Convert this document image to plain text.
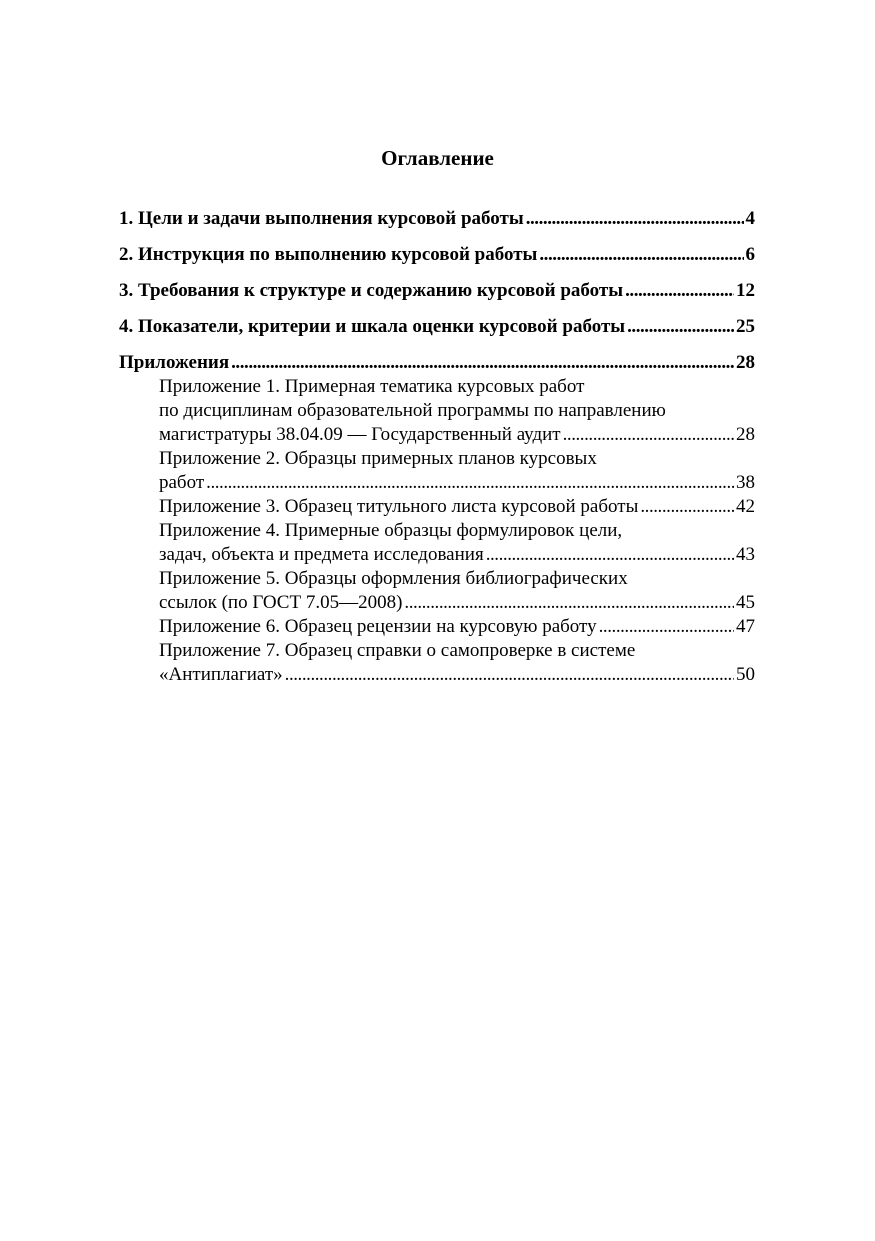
Оглавление
1. Цели и задачи выполнения курсовой работы . . .	4
2. Инструкция по выполнению курсовой работы . . .	6
3. Требования к структуре и содержанию курсовой работы . . .	12
4. Показатели, критерии и шкала оценки курсовой работы . . .	25
Приложения . . .	28
Приложение 1. Примерная тематика курсовых работ
по дисциплинам образовательной программы по направлению
магистратуры 38.04.09 — Государственный аудит . . .	28
Приложение 2. Образцы примерных планов курсовых
работ . . .	38
Приложение 3. Образец титульного листа курсовой работы . . .	42
Приложение 4. Примерные образцы формулировок цели,
задач, объекта и предмета исследования . . .	43
Приложение 5. Образцы оформления библиографических
ссылок (по ГОСТ 7.05—2008) . . .	45
Приложение 6. Образец рецензии на курсовую работу . . .	47
Приложение 7. Образец справки о самопроверке в системе
«Антиплагиат» . . .	50
